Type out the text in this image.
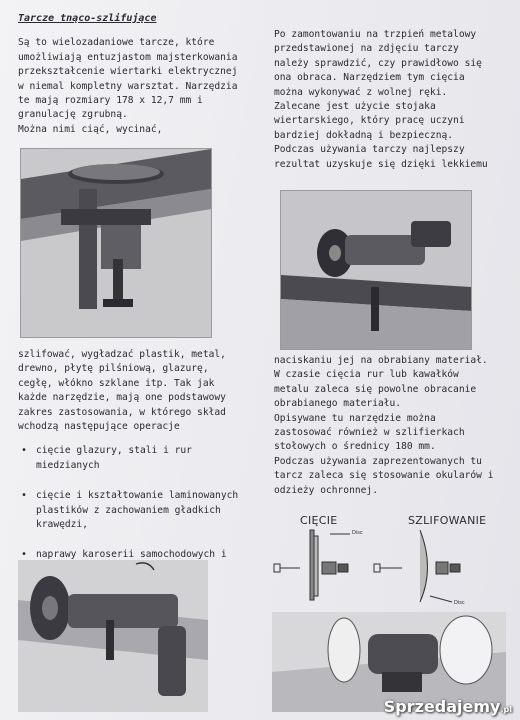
Tarcze tnąco-szlifujące

Są to wielozadaniowe tarcze, które

umożliwiają entuzjastom majsterkowania

przekształcenie wiertarki elektrycznej

w niemal kompletny warsztat. Narzędzia

te mają rozmiary 178 x 12,7 mm i

granulację zgrubną.

Można nimi ciąć, wycinać,

szlifować, wygładzać plastik, metal,

drewno, płytę pilśniową, glazurę,

cegłę, włókno szklane itp. Tak jak

każde narzędzie, mają one podstawowy

zakres zastosowania, w którego skład

wchodzą następujące operacje

• cięcie glazury, stali i rur

miedzianych

• cięcie i kształtowanie laminowanych

plastików z zachowaniem gładkich

krawędzi,

• naprawy karoserii samochodowych i

Po zamontowaniu na trzpień metalowy

przedstawionej na zdjęciu tarczy

należy sprawdzić, czy prawidłowo się

ona obraca. Narzędziem tym cięcia

można wykonywać z wolnej ręki.

Zalecane jest użycie stojaka

wiertarskiego, który pracę uczyni

bardziej dokładną i bezpieczną.

Podczas używania tarczy najlepszy

rezultat uzyskuje się dzięki lekkiemu

naciskaniu jej na obrabiany materiał.

W czasie cięcia rur lub kawałków

metalu zaleca się powolne obracanie

obrabianego materiału.

Opisywane tu narzędzie można

zastosować również w szlifierkach

stołowych o średnicy 180 mm.

Podczas używania zaprezentowanych tu

tarcz zaleca się stosowanie okularów i

odzieży ochronnej.

CIĘCIE	SZLIFOWANIE
Disc
Disc
Sprzedajemy.pl
